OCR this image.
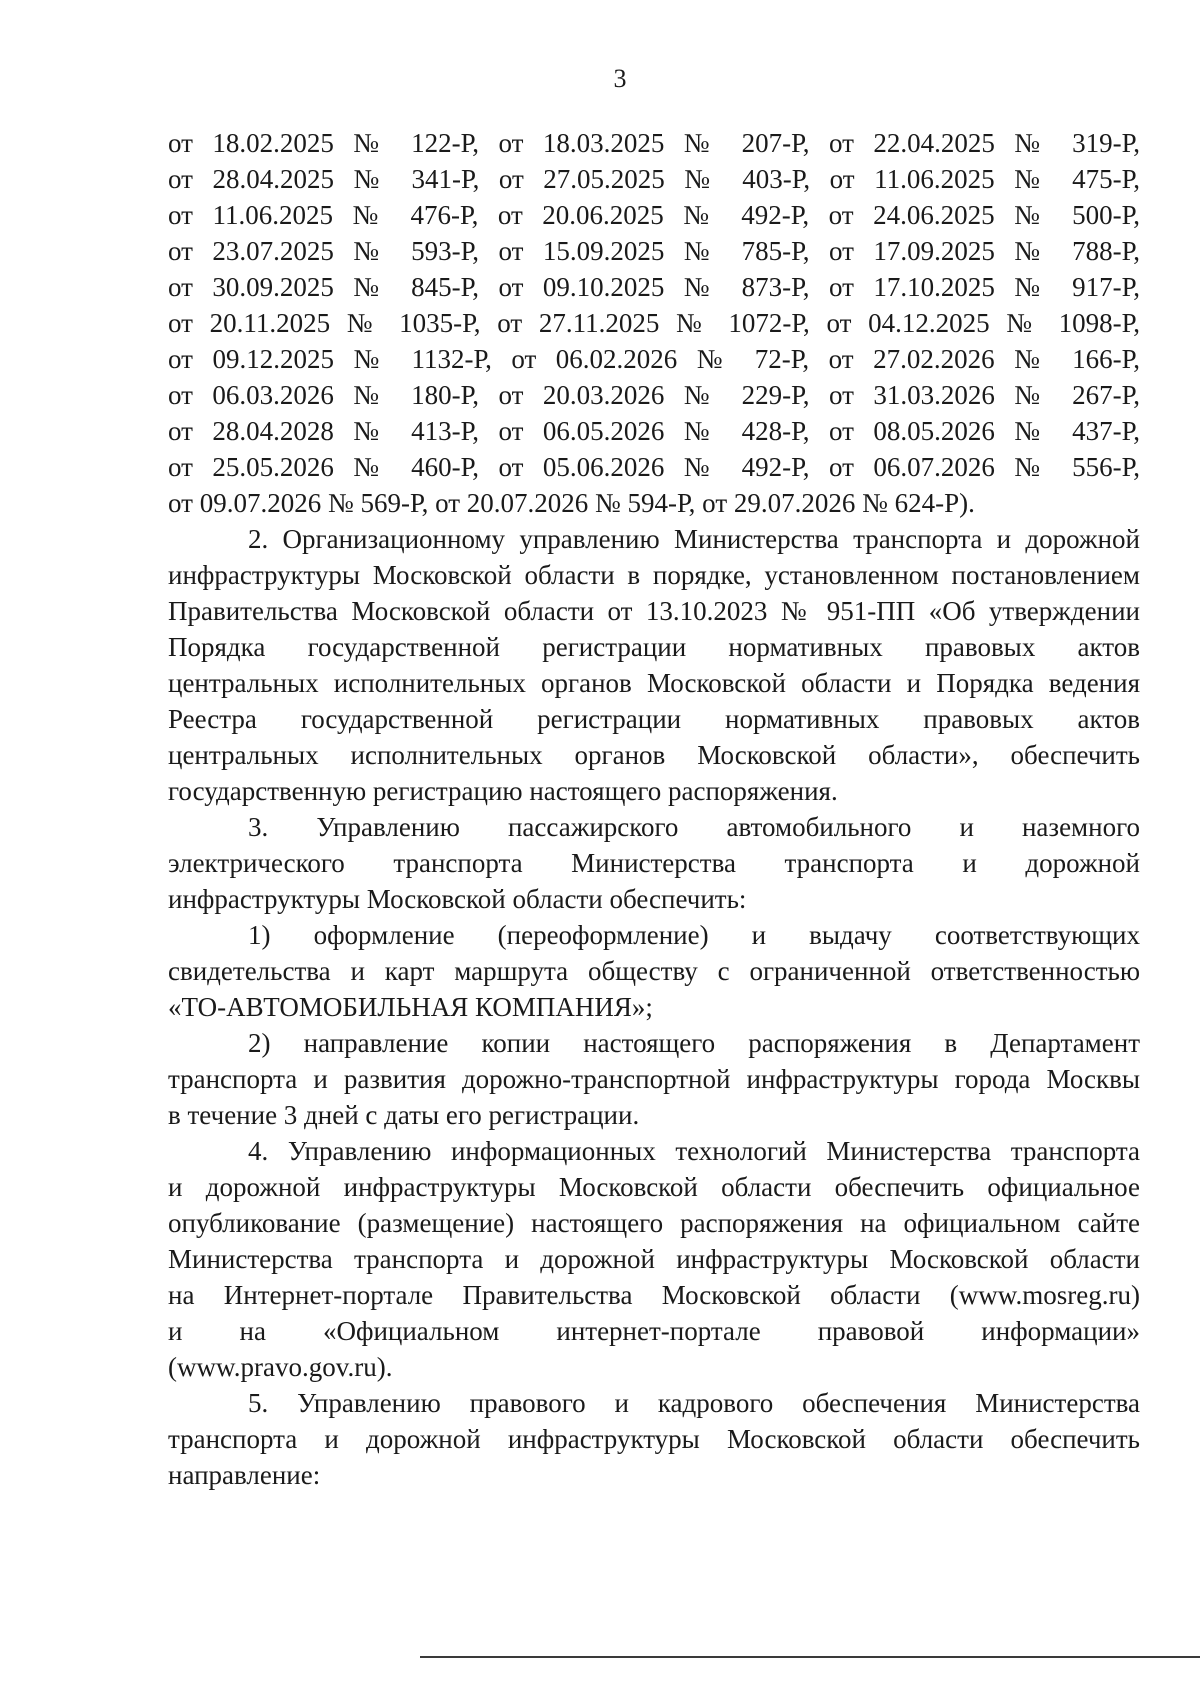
3
от 18.02.2025 № 122-Р, от 18.03.2025 № 207-Р, от 22.04.2025 № 319-Р,
от 28.04.2025 № 341-Р, от 27.05.2025 № 403-Р, от 11.06.2025 № 475-Р,
от 11.06.2025 № 476-Р, от 20.06.2025 № 492-Р, от 24.06.2025 № 500-Р,
от 23.07.2025 № 593-Р, от 15.09.2025 № 785-Р, от 17.09.2025 № 788-Р,
от 30.09.2025 № 845-Р, от 09.10.2025 № 873-Р, от 17.10.2025 № 917-Р,
от 20.11.2025 № 1035-Р, от 27.11.2025 № 1072-Р, от 04.12.2025 № 1098-Р,
от 09.12.2025 № 1132-Р, от 06.02.2026 № 72-Р, от 27.02.2026 № 166-Р,
от 06.03.2026 № 180-Р, от 20.03.2026 № 229-Р, от 31.03.2026 № 267-Р,
от 28.04.2028 № 413-Р, от 06.05.2026 № 428-Р, от 08.05.2026 № 437-Р,
от 25.05.2026 № 460-Р, от 05.06.2026 № 492-Р, от 06.07.2026 № 556-Р,
от 09.07.2026 № 569-Р, от 20.07.2026 № 594-Р, от 29.07.2026 № 624-Р).
2. Организационному управлению Министерства транспорта и дорожной
инфраструктуры Московской области в порядке, установленном постановлением
Правительства Московской области от 13.10.2023 № 951-ПП «Об утверждении
Порядка государственной регистрации нормативных правовых актов
центральных исполнительных органов Московской области и Порядка ведения
Реестра государственной регистрации нормативных правовых актов
центральных исполнительных органов Московской области», обеспечить
государственную регистрацию настоящего распоряжения.
3. Управлению пассажирского автомобильного и наземного
электрического транспорта Министерства транспорта и дорожной
инфраструктуры Московской области обеспечить:
1) оформление (переоформление) и выдачу соответствующих
свидетельства и карт маршрута обществу с ограниченной ответственностью
«ТО-АВТОМОБИЛЬНАЯ КОМПАНИЯ»;
2) направление копии настоящего распоряжения в Департамент
транспорта и развития дорожно-транспортной инфраструктуры города Москвы
в течение 3 дней с даты его регистрации.
4. Управлению информационных технологий Министерства транспорта
и дорожной инфраструктуры Московской области обеспечить официальное
опубликование (размещение) настоящего распоряжения на официальном сайте
Министерства транспорта и дорожной инфраструктуры Московской области
на Интернет-портале Правительства Московской области (www.mosreg.ru)
и на «Официальном интернет-портале правовой информации»
(www.pravo.gov.ru).
5. Управлению правового и кадрового обеспечения Министерства
транспорта и дорожной инфраструктуры Московской области обеспечить
направление:
